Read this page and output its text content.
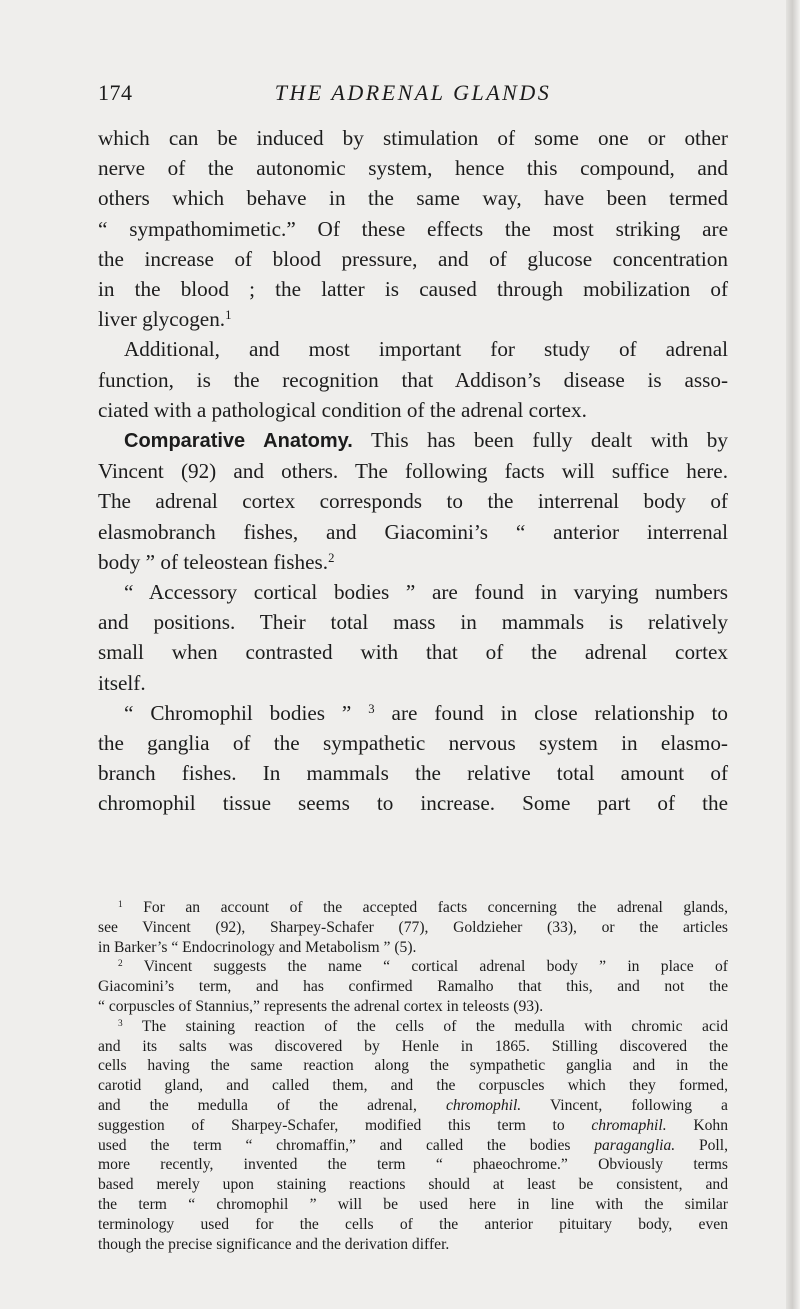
174	THE ADRENAL GLANDS
which can be induced by stimulation of some one or other
nerve of the autonomic system, hence this compound, and
others which behave in the same way, have been termed
“ sympathomimetic.” Of these effects the most striking are
the increase of blood pressure, and of glucose concentration
in the blood ; the latter is caused through mobilization of
liver glycogen.$^1$
Additional, and most important for study of adrenal
function, is the recognition that Addison’s disease is asso-
ciated with a pathological condition of the adrenal cortex.
Comparative Anatomy. This has been fully dealt with by
Vincent (92) and others. The following facts will suffice here.
The adrenal cortex corresponds to the interrenal body of
elasmobranch fishes, and Giacomini’s “ anterior interrenal
body ” of teleostean fishes.$^2$
“ Accessory cortical bodies ” are found in varying numbers
and positions. Their total mass in mammals is relatively
small when contrasted with that of the adrenal cortex
itself.
“ Chromophil bodies ” $^3$ are found in close relationship to
the ganglia of the sympathetic nervous system in elasmo-
branch fishes. In mammals the relative total amount of
chromophil tissue seems to increase. Some part of the
$^1$ For an account of the accepted facts concerning the adrenal glands,
see Vincent (92), Sharpey-Schafer (77), Goldzieher (33), or the articles
in Barker’s “ Endocrinology and Metabolism ” (5).
$^2$ Vincent suggests the name “ cortical adrenal body ” in place of
Giacomini’s term, and has confirmed Ramalho that this, and not the
“ corpuscles of Stannius,” represents the adrenal cortex in teleosts (93).
$^3$ The staining reaction of the cells of the medulla with chromic acid
and its salts was discovered by Henle in 1865. Stilling discovered the
cells having the same reaction along the sympathetic ganglia and in the
carotid gland, and called them, and the corpuscles which they formed,
and the medulla of the adrenal, chromophil. Vincent, following a
suggestion of Sharpey-Schafer, modified this term to chromaphil. Kohn
used the term “ chromaffin,” and called the bodies paraganglia. Poll,
more recently, invented the term “ phaeochrome.” Obviously terms
based merely upon staining reactions should at least be consistent, and
the term “ chromophil ” will be used here in line with the similar
terminology used for the cells of the anterior pituitary body, even
though the precise significance and the derivation differ.
